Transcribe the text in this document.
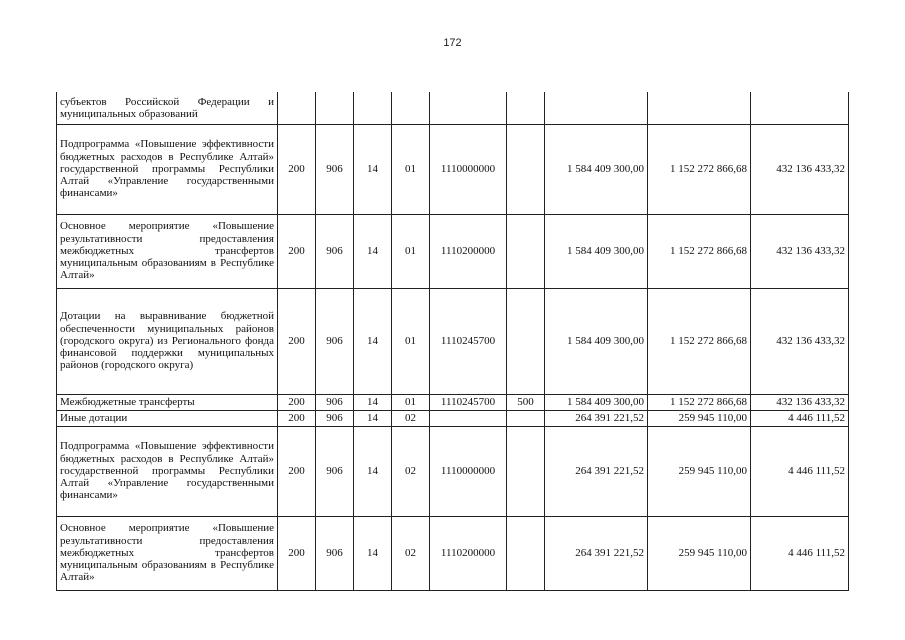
172
субъектов Российской Федерации и муниципальных образований									
Подпрограмма «Повышение эффективности бюджетных расходов в Республике Алтай» государственной программы Республики Алтай «Управление государственными финансами»	200	906	14	01	1110000000		1 584 409 300,00	1 152 272 866,68	432 136 433,32
Основное мероприятие «Повышение результативности предоставления межбюджетных трансфертов муниципальным образованиям в Республике Алтай»	200	906	14	01	1110200000		1 584 409 300,00	1 152 272 866,68	432 136 433,32
Дотации на выравнивание бюджетной обеспеченности муниципальных районов (городского округа) из Регионального фонда финансовой поддержки муниципальных районов (городского округа)	200	906	14	01	1110245700		1 584 409 300,00	1 152 272 866,68	432 136 433,32
Межбюджетные трансферты	200	906	14	01	1110245700	500	1 584 409 300,00	1 152 272 866,68	432 136 433,32
Иные дотации	200	906	14	02			264 391 221,52	259 945 110,00	4 446 111,52
Подпрограмма «Повышение эффективности бюджетных расходов в Республике Алтай» государственной программы Республики Алтай «Управление государственными финансами»	200	906	14	02	1110000000		264 391 221,52	259 945 110,00	4 446 111,52
Основное мероприятие «Повышение результативности предоставления межбюджетных трансфертов муниципальным образованиям в Республике Алтай»	200	906	14	02	1110200000		264 391 221,52	259 945 110,00	4 446 111,52
